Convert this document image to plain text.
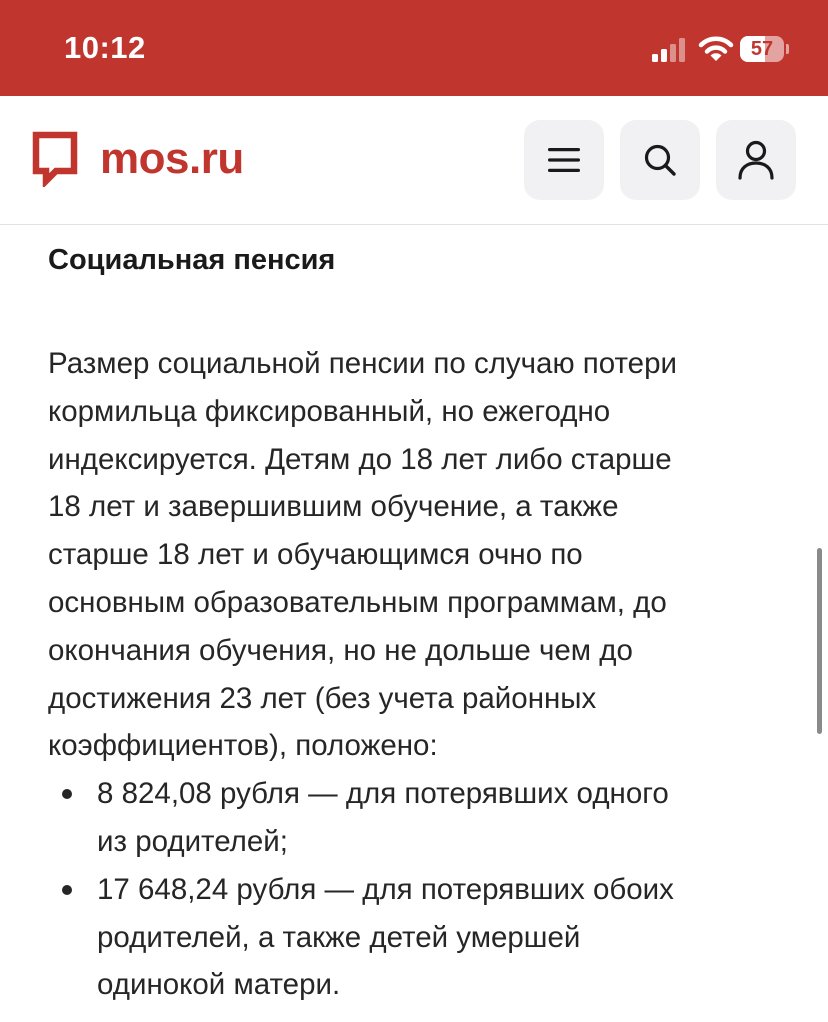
10:12	57
mos.ru
Социальная пенсия

Размер социальной пенсии по случаю потери
кормильца фиксированный, но ежегодно
индексируется. Детям до 18 лет либо старше
18 лет и завершившим обучение, а также
старше 18 лет и обучающимся очно по
основным образовательным программам, до
окончания обучения, но не дольше чем до
достижения 23 лет (без учета районных
коэффициентов), положено:

8 824,08 рубля — для потерявших одного
из родителей;
17 648,24 рубля — для потерявших обоих
родителей, а также детей умершей
одинокой матери.
